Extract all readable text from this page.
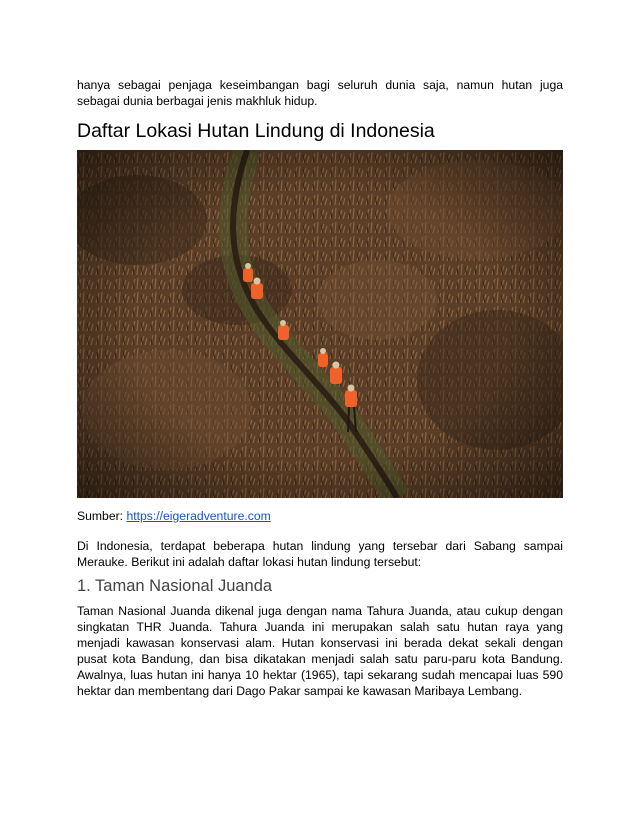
hanya sebagai penjaga keseimbangan bagi seluruh dunia saja, namun hutan juga sebagai dunia berbagai jenis makhluk hidup.

Daftar Lokasi Hutan Lindung di Indonesia
Sumber: https://eigeradventure.com

Di Indonesia, terdapat beberapa hutan lindung yang tersebar dari Sabang sampai Merauke. Berikut ini adalah daftar lokasi hutan lindung tersebut:

1. Taman Nasional Juanda

Taman Nasional Juanda dikenal juga dengan nama Tahura Juanda, atau cukup dengan singkatan THR Juanda. Tahura Juanda ini merupakan salah satu hutan raya yang menjadi kawasan konservasi alam. Hutan konservasi ini berada dekat sekali dengan pusat kota Bandung, dan bisa dikatakan menjadi salah satu paru-paru kota Bandung. Awalnya, luas hutan ini hanya 10 hektar (1965), tapi sekarang sudah mencapai luas 590 hektar dan membentang dari Dago Pakar sampai ke kawasan Maribaya Lembang.
